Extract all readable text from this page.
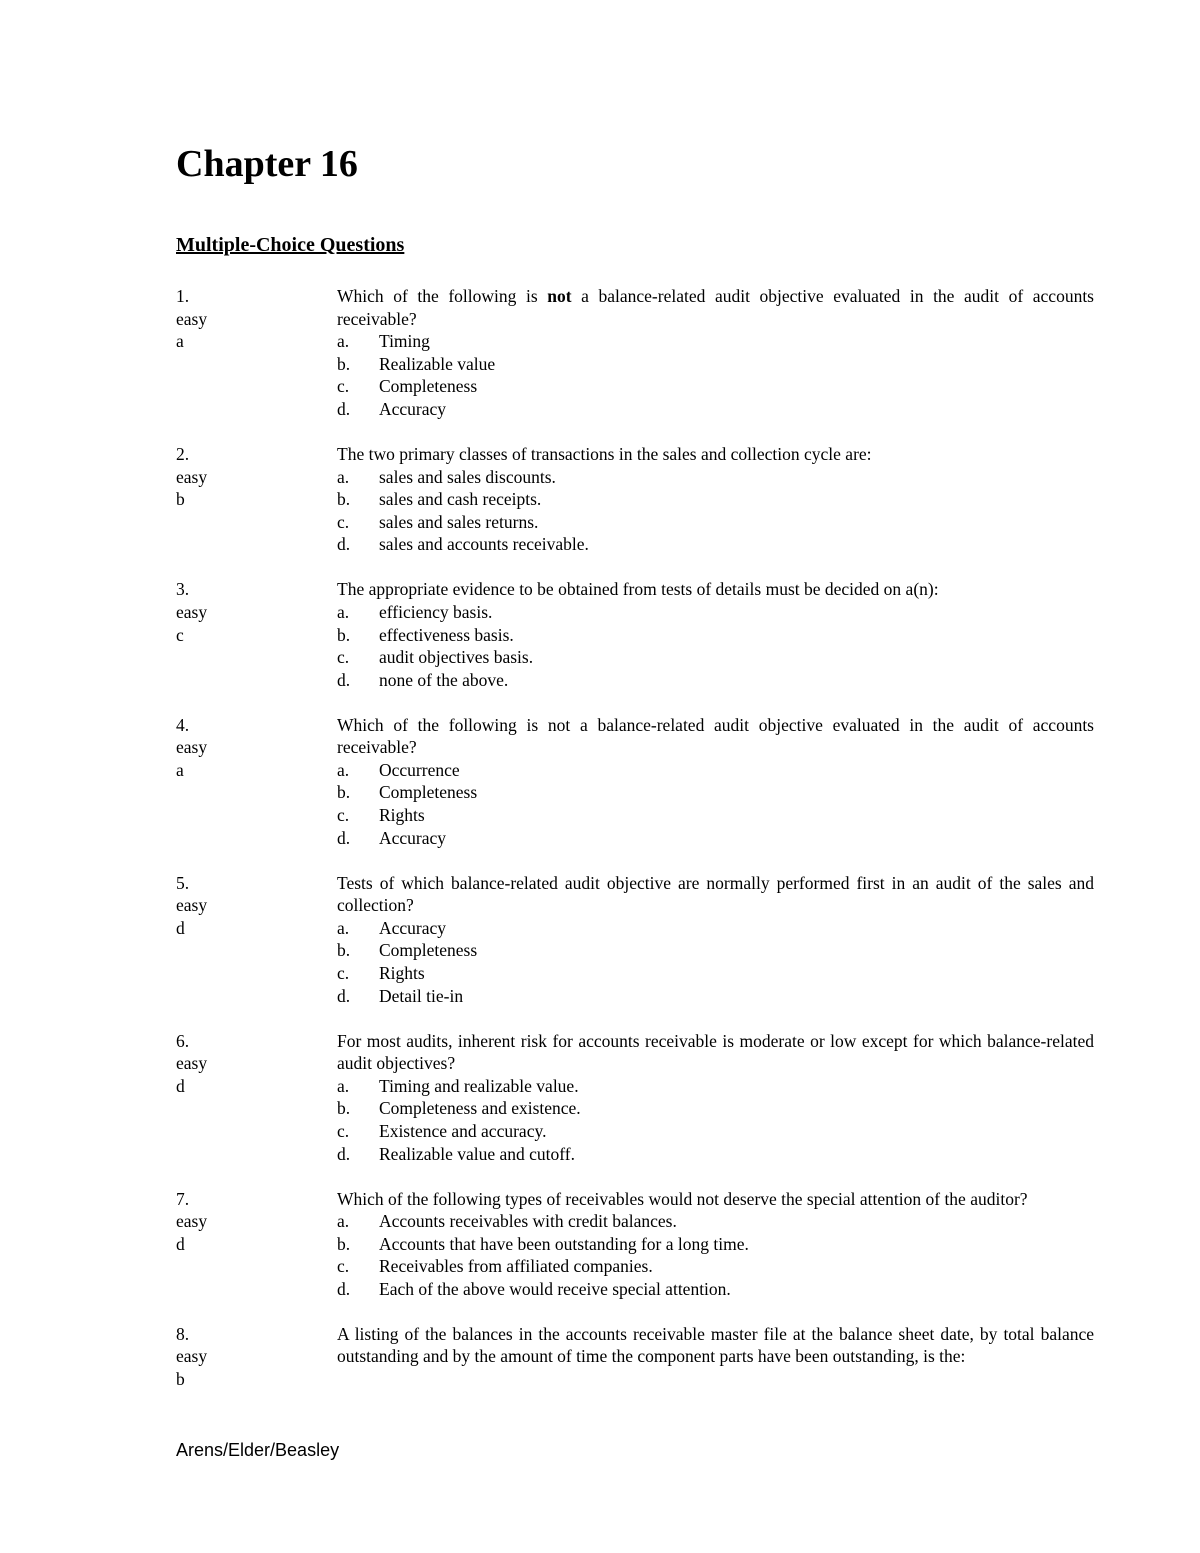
Chapter 16
Multiple-Choice Questions
1.
easy
a
Which of the following is not a balance-related audit objective evaluated in the audit of accounts receivable?
a.	Timing
b.	Realizable value
c.	Completeness
d.	Accuracy
2.
easy
b
The two primary classes of transactions in the sales and collection cycle are:
a.	sales and sales discounts.
b.	sales and cash receipts.
c.	sales and sales returns.
d.	sales and accounts receivable.
3.
easy
c
The appropriate evidence to be obtained from tests of details must be decided on a(n):
a.	efficiency basis.
b.	effectiveness basis.
c.	audit objectives basis.
d.	none of the above.
4.
easy
a
Which of the following is not a balance-related audit objective evaluated in the audit of accounts receivable?
a.	Occurrence
b.	Completeness
c.	Rights
d.	Accuracy
5.
easy
d
Tests of which balance-related audit objective are normally performed first in an audit of the sales and collection?
a.	Accuracy
b.	Completeness
c.	Rights
d.	Detail tie-in
6.
easy
d
For most audits, inherent risk for accounts receivable is moderate or low except for which balance-related audit objectives?
a.	Timing and realizable value.
b.	Completeness and existence.
c.	Existence and accuracy.
d.	Realizable value and cutoff.
7.
easy
d
Which of the following types of receivables would not deserve the special attention of the auditor?
a.	Accounts receivables with credit balances.
b.	Accounts that have been outstanding for a long time.
c.	Receivables from affiliated companies.
d.	Each of the above would receive special attention.
8.
easy
b
A listing of the balances in the accounts receivable master file at the balance sheet date, by total balance outstanding and by the amount of time the component parts have been outstanding, is the:

Arens/Elder/Beasley
